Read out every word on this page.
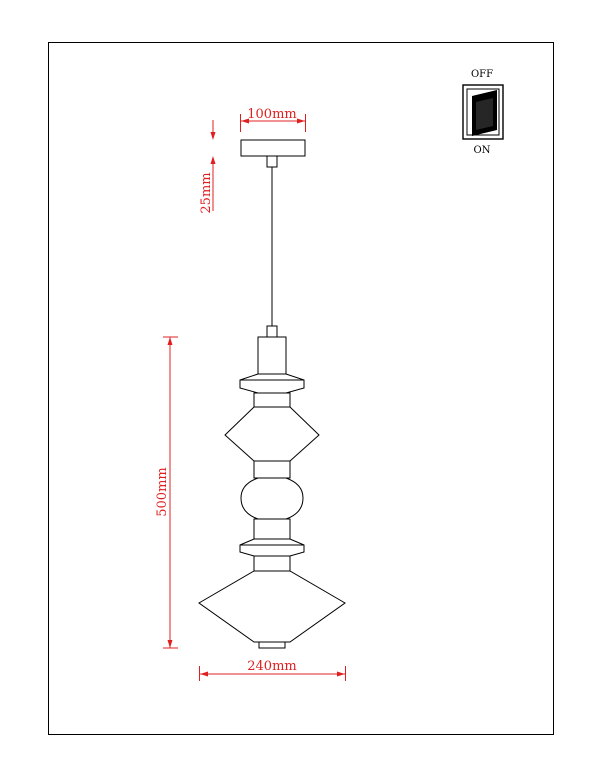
OFF
ON
100mm
25mm
500mm
240mm
